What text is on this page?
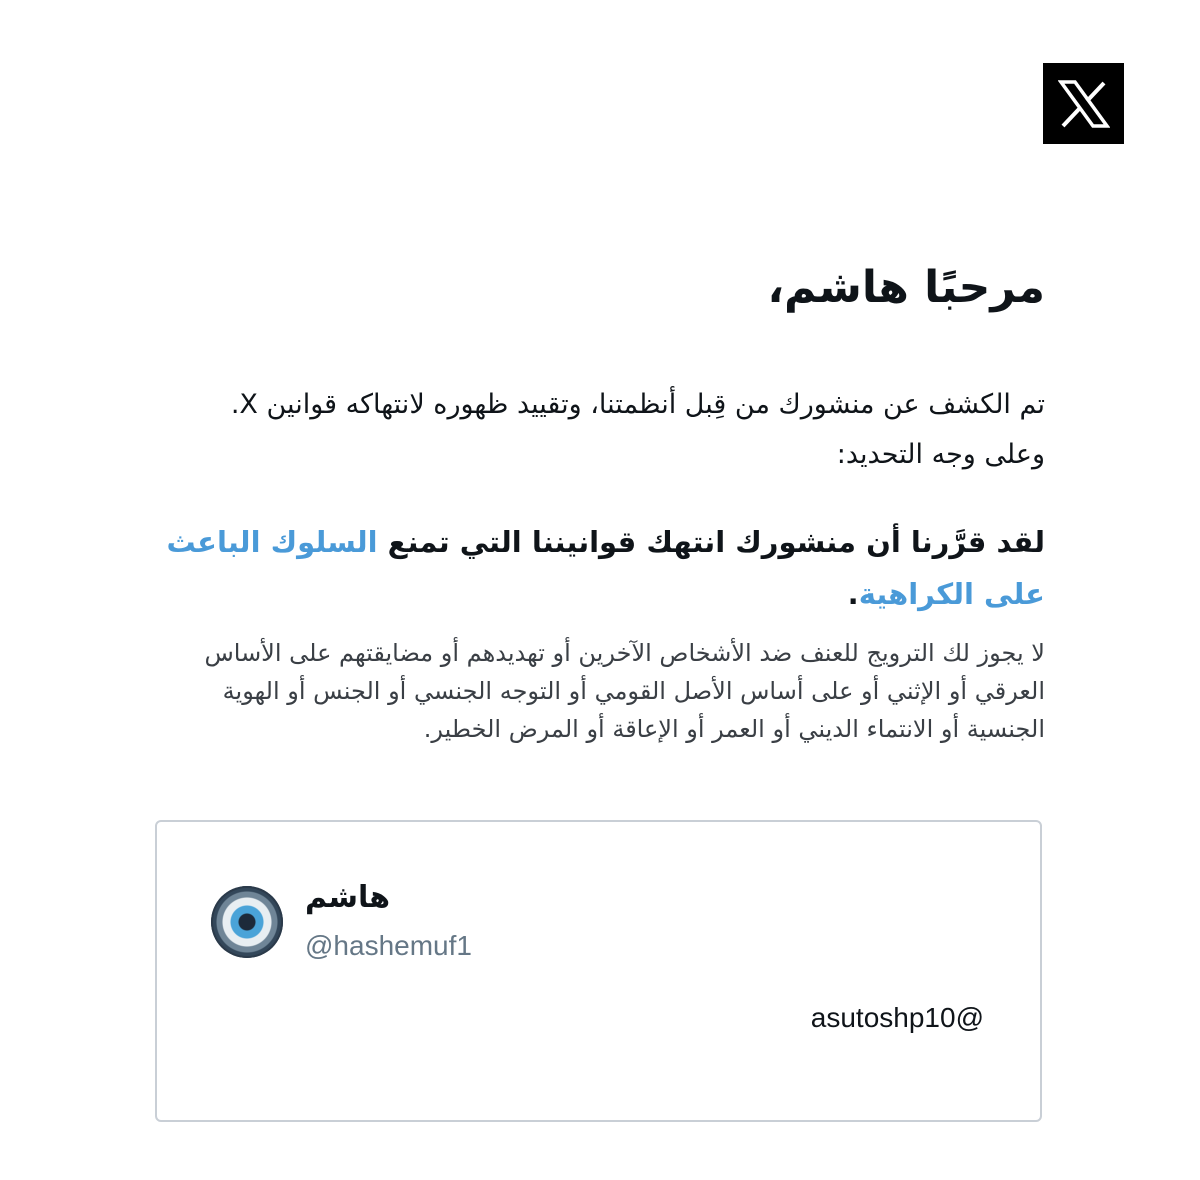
مرحبًا هاشم،
تم الكشف عن منشورك من قِبل أنظمتنا، وتقييد ظهوره لانتهاكه قوانين X.
وعلى وجه التحديد:

لقد قرَّرنا أن منشورك انتهك قوانيننا التي تمنع السلوك الباعث على الكراهية.

لا يجوز لك الترويج للعنف ضد الأشخاص الآخرين أو تهديدهم أو مضايقتهم على الأساس العرقي أو الإثني أو على أساس الأصل القومي أو التوجه الجنسي أو الجنس أو الهوية الجنسية أو الانتماء الديني أو العمر أو الإعاقة أو المرض الخطير.

هاشم
@hashemuf1
asutoshp10@
